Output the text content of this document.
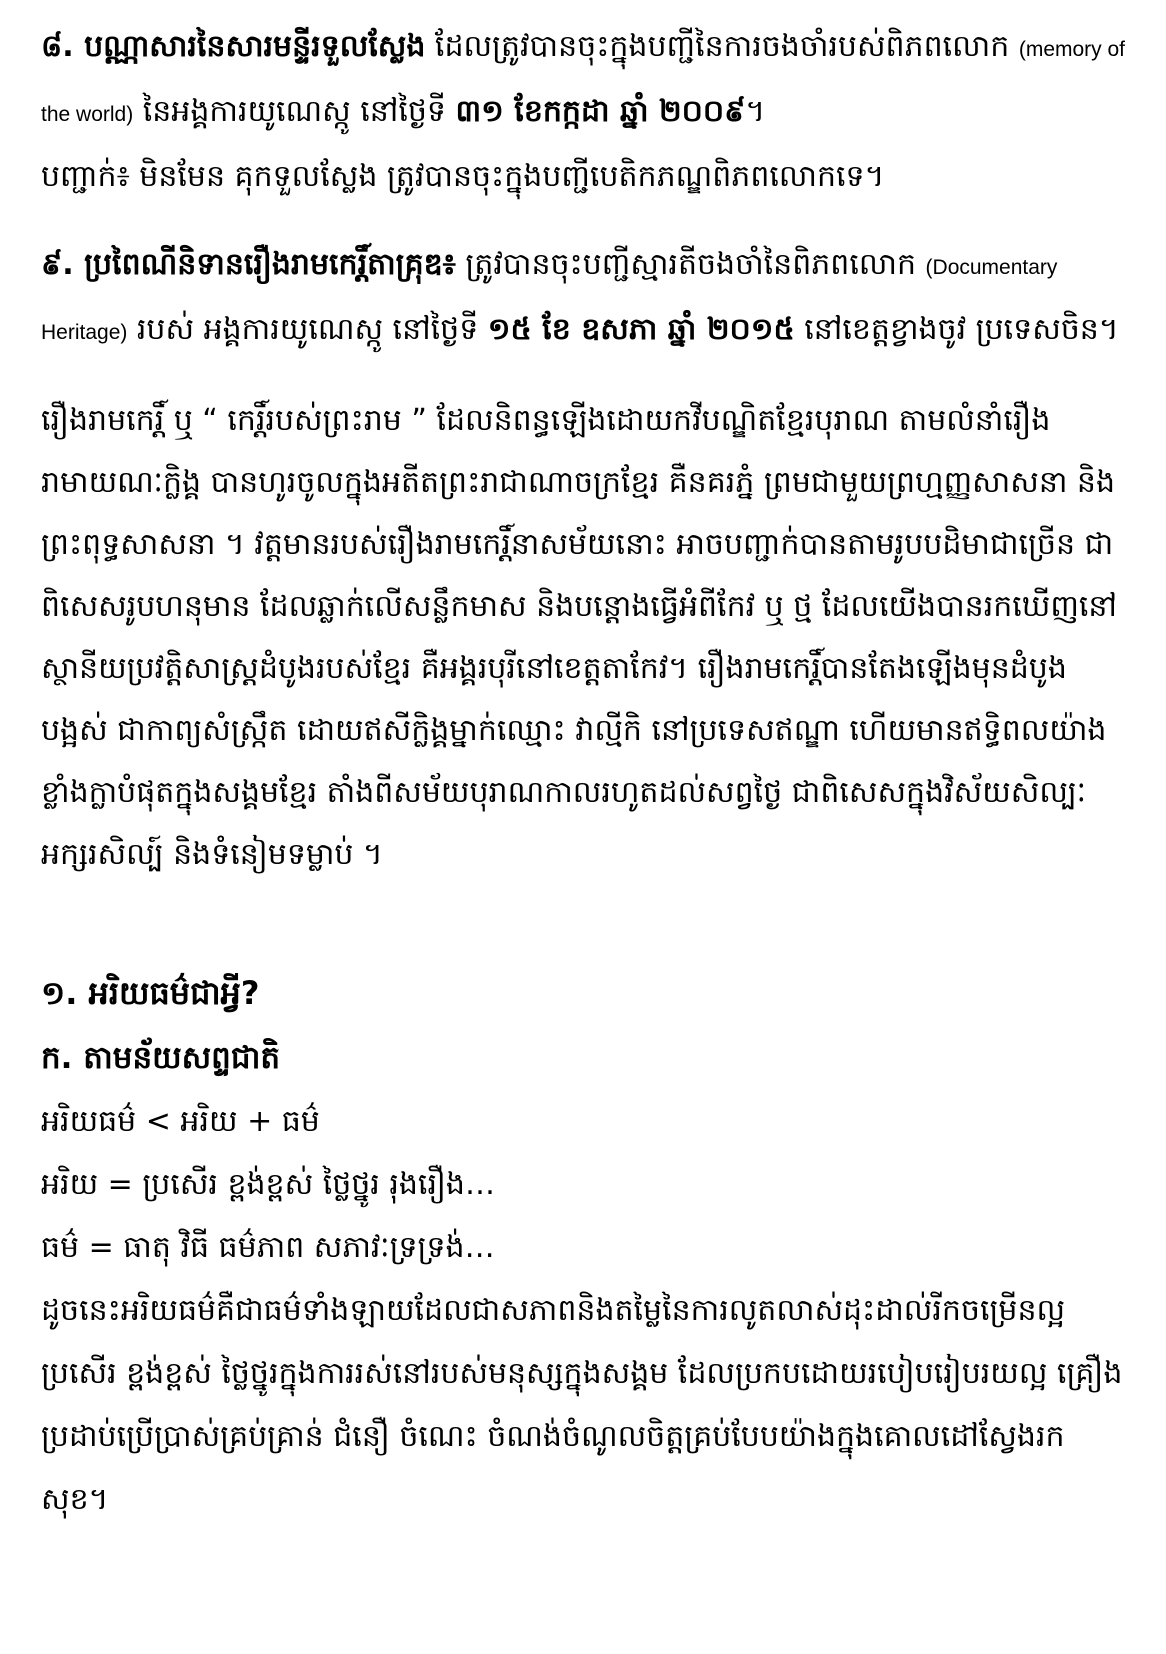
៨. បណ្ណាសារនៃសារមន្ទីរទួលស្លែង ដែលត្រូវបានចុះក្នុងបញ្ជីនៃការចងចាំរបស់ពិភពលោក (memory of the world) នៃអង្គការយូណេស្កូ នៅថ្ងៃទី ៣១ ខែកក្កដា ឆ្នាំ ២០០៩។
បញ្ជាក់៖ មិនមែន គុកទួលស្លែង ត្រូវបានចុះក្នុងបញ្ជីបេតិកភណ្ឌពិភពលោកទេ។

៩. ប្រពៃណីនិទានរឿងរាមកេរ្តិ៍តាគ្រុឌ៖ ត្រូវបានចុះបញ្ជីស្មារតីចងចាំនៃពិភពលោក (Documentary Heritage) របស់ អង្គការយូណេស្កូ នៅថ្ងៃទី ១៥ ខែ ឧសភា ឆ្នាំ ២០១៥ នៅខេត្តខ្វាងចូវ ប្រទេសចិន។

រឿងរាមកេរ្តិ៍ ឬ “ កេរ្តិ៍របស់ព្រះរាម ” ដែលនិពន្ធឡើងដោយកវីបណ្ឌិតខ្មែរបុរាណ តាមលំនាំរឿងរាមាយណៈក្លិង្គ បានហូរចូលក្នុងអតីតព្រះរាជាណាចក្រខ្មែរ គឺនគរភ្នំ ព្រមជាមួយព្រហ្មញ្ញសាសនា និងព្រះពុទ្ធសាសនា ។ វត្តមានរបស់រឿងរាមកេរ្តិ៍នាសម័យនោះ អាចបញ្ជាក់បានតាមរូបបដិមាជាច្រើន ជាពិសេសរូបហនុមាន ដែលឆ្លាក់លើសន្លឹកមាស និងបន្តោងធ្វើអំពីកែវ ឬ ថ្ម ដែលយើងបានរកឃើញនៅស្ថានីយប្រវត្តិសាស្ត្រដំបូងរបស់ខ្មែរ គឺអង្គរបុរីនៅខេត្តតាកែវ។ រឿងរាមកេរ្តិ៍បានតែងឡើងមុនដំបូងបង្អស់ ជាកាព្យសំស្ក្រឹត ដោយឥសីក្លិង្គម្នាក់ឈ្មោះ វាល្មីកិ នៅប្រទេសឥណ្ឌា ហើយមានឥទ្ធិពលយ៉ាងខ្លាំងក្លាបំផុតក្នុងសង្គមខ្មែរ តាំងពីសម័យបុរាណកាលរហូតដល់សព្វថ្ងៃ ជាពិសេសក្នុងវិស័យសិល្បៈ អក្សរសិល្ប៍ និងទំនៀមទម្លាប់ ។

១. អរិយធម៌ជាអ្វី?
ក. តាមន័យសព្ទជាតិ
អរិយធម៌ < អរិយ + ធម៌
អរិយ = ប្រសើរ ខ្ពង់ខ្ពស់ ថ្លៃថ្នូរ រុងរឿង…
ធម៌ = ធាតុ វិធី ធម៌ភាព សភាវៈទ្រទ្រង់…
ដូចនេះអរិយធម៌គឺជាធម៌ទាំងឡាយដែលជាសភាពនិងតម្លៃនៃការលូតលាស់ដុះដាល់រីកចម្រើនល្អប្រសើរ ខ្ពង់ខ្ពស់ ថ្លៃថ្នូរក្នុងការរស់នៅរបស់មនុស្សក្នុងសង្គម ដែលប្រកបដោយរបៀបរៀបរយល្អ គ្រឿងប្រដាប់ប្រើប្រាស់គ្រប់គ្រាន់ ជំនឿ ចំណេះ ចំណង់ចំណូលចិត្តគ្រប់បែបយ៉ាងក្នុងគោលដៅស្វែងរកសុខ។
